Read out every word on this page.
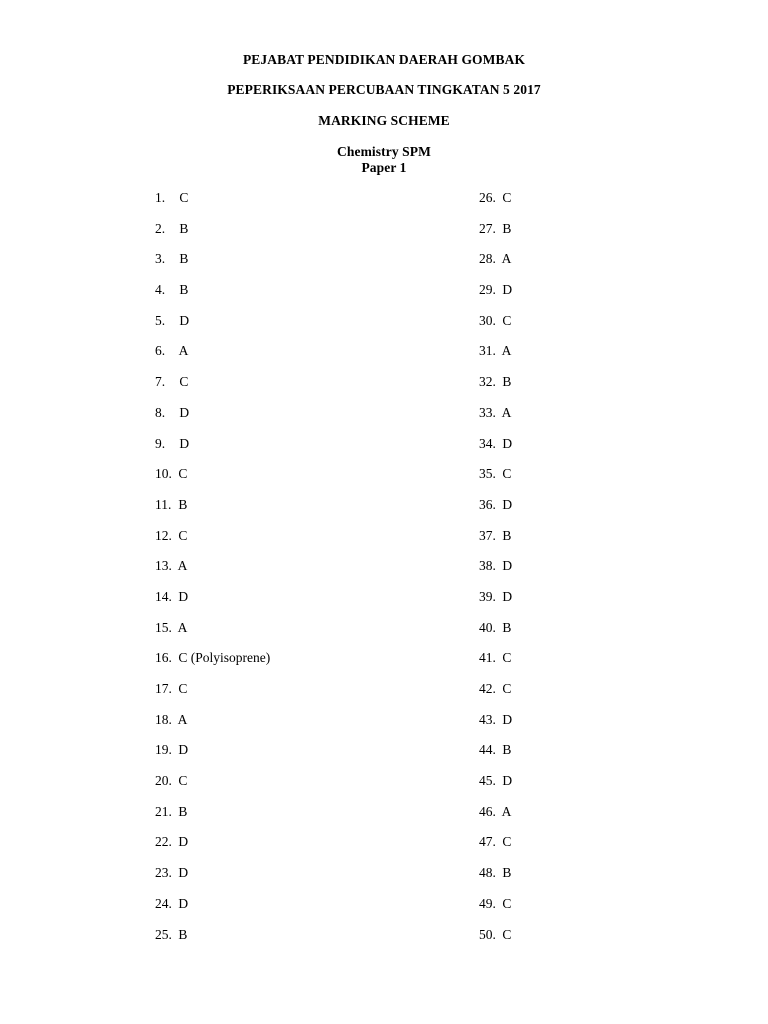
PEJABAT PENDIDIKAN DAERAH GOMBAK
PEPERIKSAAN PERCUBAAN TINGKATAN 5 2017
MARKING SCHEME
Chemistry SPM
Paper 1
1. C
2. B
3. B
4. B
5. D
6. A
7. C
8. D
9. D
10. C
11. B
12. C
13. A
14. D
15. A
16. C (Polyisoprene)
17. C
18. A
19. D
20. C
21. B
22. D
23. D
24. D
25. B
26. C
27. B
28. A
29. D
30. C
31. A
32. B
33. A
34. D
35. C
36. D
37. B
38. D
39. D
40. B
41. C
42. C
43. D
44. B
45. D
46. A
47. C
48. B
49. C
50. C
